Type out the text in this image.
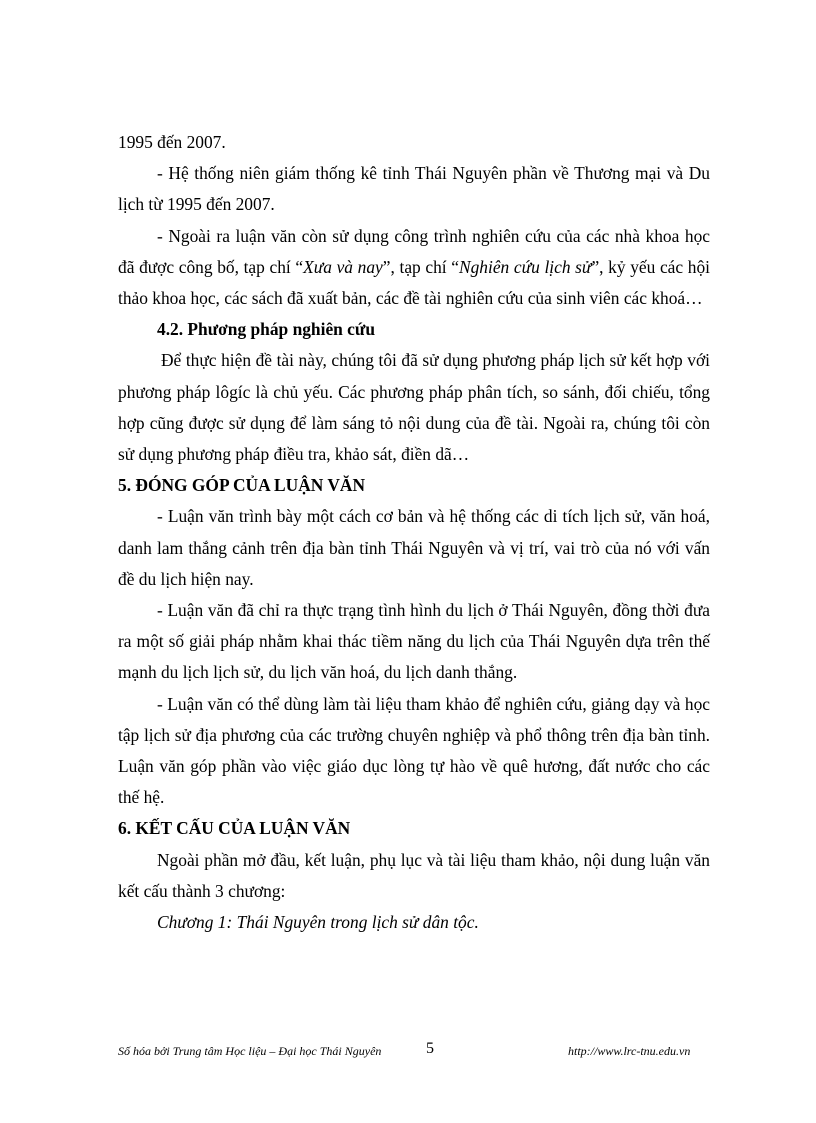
1995 đến 2007.

- Hệ thống niên giám thống kê tỉnh Thái Nguyên phần về Thương mại và Du lịch từ 1995 đến 2007.

- Ngoài ra luận văn còn sử dụng công trình nghiên cứu của các nhà khoa học đã được công bố, tạp chí “Xưa và nay”, tạp chí “Nghiên cứu lịch sử”, kỷ yếu các hội thảo khoa học, các sách đã xuất bản, các đề tài nghiên cứu của sinh viên các khoá…

4.2. Phương pháp nghiên cứu

Để thực hiện đề tài này, chúng tôi đã sử dụng phương pháp lịch sử kết hợp với phương pháp lôgíc là chủ yếu. Các phương pháp phân tích, so sánh, đối chiếu, tổng hợp cũng được sử dụng để làm sáng tỏ nội dung của đề tài. Ngoài ra, chúng tôi còn sử dụng phương pháp điều tra, khảo sát, điền dã…

5. ĐÓNG GÓP CỦA LUẬN VĂN

- Luận văn trình bày một cách cơ bản và hệ thống các di tích lịch sử, văn hoá, danh lam thắng cảnh trên địa bàn tỉnh Thái Nguyên và vị trí, vai trò của nó với vấn đề du lịch hiện nay.

- Luận văn đã chỉ ra thực trạng tình hình du lịch ở Thái Nguyên, đồng thời đưa ra một số giải pháp nhằm khai thác tiềm năng du lịch của Thái Nguyên dựa trên thế mạnh du lịch lịch sử, du lịch văn hoá, du lịch danh thắng.

- Luận văn có thể dùng làm tài liệu tham khảo để nghiên cứu, giảng dạy và học tập lịch sử địa phương của các trường chuyên nghiệp và phổ thông trên địa bàn tỉnh. Luận văn góp phần vào việc giáo dục lòng tự hào về quê hương, đất nước cho các thế hệ.

6. KẾT CẤU CỦA LUẬN VĂN

Ngoài phần mở đầu, kết luận, phụ lục và tài liệu tham khảo, nội dung luận văn kết cấu thành 3 chương:

Chương 1: Thái Nguyên trong lịch sử dân tộc.

Số hóa bởi Trung tâm Học liệu – Đại học Thái Nguyên	5	http://www.lrc-tnu.edu.vn
